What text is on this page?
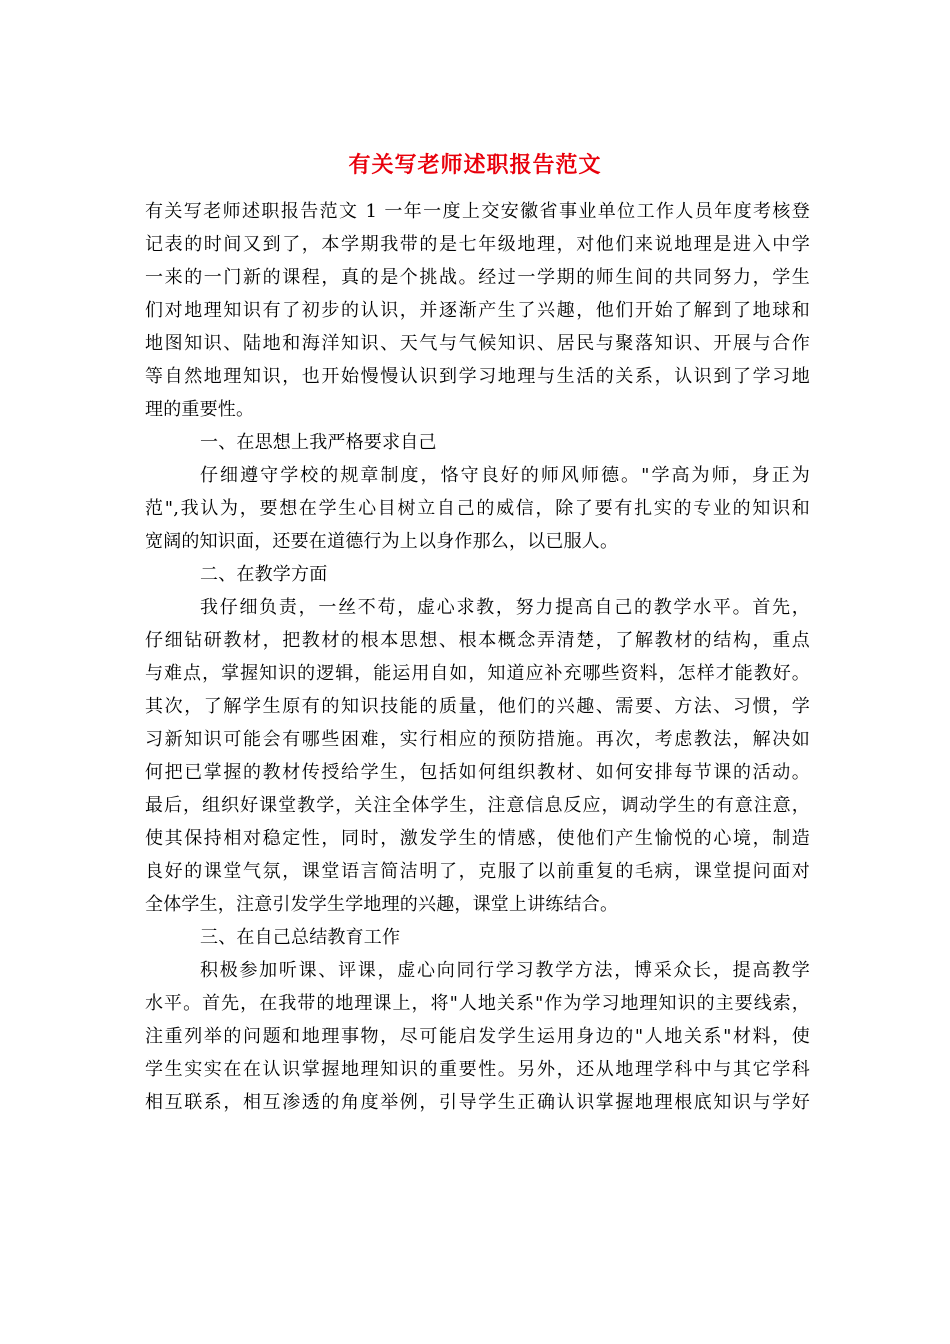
有关写老师述职报告范文
有关写老师述职报告范文 1 一年一度上交安徽省事业单位工作人员年度考核登
记表的时间又到了，本学期我带的是七年级地理，对他们来说地理是进入中学
一来的一门新的课程，真的是个挑战。经过一学期的师生间的共同努力，学生
们对地理知识有了初步的认识，并逐渐产生了兴趣，他们开始了解到了地球和
地图知识、陆地和海洋知识、天气与气候知识、居民与聚落知识、开展与合作
等自然地理知识，也开始慢慢认识到学习地理与生活的关系，认识到了学习地
理的重要性。
一、在思想上我严格要求自己
仔细遵守学校的规章制度，恪守良好的师风师德。"学高为师，身正为
范",我认为，要想在学生心目树立自己的威信，除了要有扎实的专业的知识和
宽阔的知识面，还要在道德行为上以身作那么，以已服人。
二、在教学方面
我仔细负责，一丝不苟，虚心求教，努力提高自己的教学水平。首先，
仔细钻研教材，把教材的根本思想、根本概念弄清楚，了解教材的结构，重点
与难点，掌握知识的逻辑，能运用自如，知道应补充哪些资料，怎样才能教好。
其次，了解学生原有的知识技能的质量，他们的兴趣、需要、方法、习惯，学
习新知识可能会有哪些困难，实行相应的预防措施。再次，考虑教法，解决如
何把已掌握的教材传授给学生，包括如何组织教材、如何安排每节课的活动。
最后，组织好课堂教学，关注全体学生，注意信息反应，调动学生的有意注意，
使其保持相对稳定性，同时，激发学生的情感，使他们产生愉悦的心境，制造
良好的课堂气氛，课堂语言简洁明了，克服了以前重复的毛病，课堂提问面对
全体学生，注意引发学生学地理的兴趣，课堂上讲练结合。
三、在自己总结教育工作
积极参加听课、评课，虚心向同行学习教学方法，博采众长，提高教学
水平。首先，在我带的地理课上，将"人地关系"作为学习地理知识的主要线索，
注重列举的问题和地理事物，尽可能启发学生运用身边的"人地关系"材料，使
学生实实在在认识掌握地理知识的重要性。另外，还从地理学科中与其它学科
相互联系，相互渗透的角度举例，引导学生正确认识掌握地理根底知识与学好
